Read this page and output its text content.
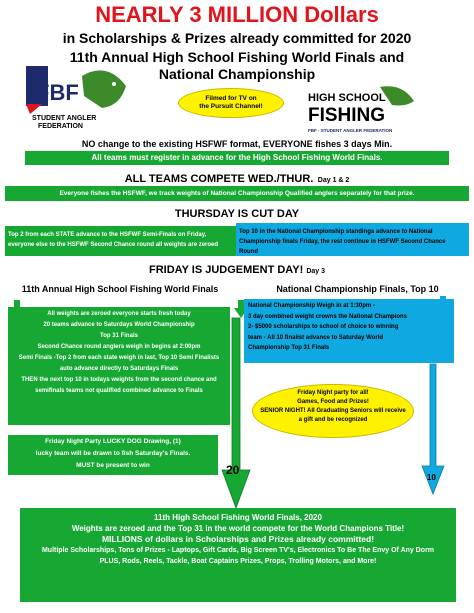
NEARLY 3 MILLION Dollars
in Scholarships & Prizes already committed for 2020
11th Annual High School Fishing World Finals and
National Championship
FBF
STUDENT ANGLER
FEDERATION
Filmed for TV on
the Pursuit Channel!
HIGH SCHOOL
FISHING
FBF · STUDENT ANGLER FEDERATION
NO change to the existing HSFWF format, EVERYONE fishes 3 days Min.
All teams must register in advance for the High School Fishing World Finals.
ALL TEAMS COMPETE WED./THUR. Day 1 & 2
Everyone fishes the HSFWF, we track weights of National Championship Qualified anglers separately for that prize.
THURSDAY IS CUT DAY
Top 2 from each STATE advance to the HSFWF Semi-Finals on Friday,
everyone else to the HSFWF Second Chance round all weights are zeroed
Top 10 in the National Championship standings advance to National
Championship finals Friday, the rest continue in HSFWF Second Chance Round
FRIDAY IS JUDGEMENT DAY! Day 3
11th Annual High School Fishing World Finals	National Championship Finals, Top 10
20
10
All weights are zeroed everyone starts fresh today
20 teams advance to Saturdays World Championship
Top 31 Finals
Second Chance round anglers weigh in begins at 2:00pm
Semi Finals -Top 2 from each state weigh in last, Top 10 Semi Finalists
auto advance directly to Saturdays Finals
THEN the next top 10 in todays weights from the second chance and
semifinals teams not qualified combined advance to Finals
National Championship Weigh in at 1:30pm -
3 day combined weight crowns the National Champions
2- $5000 scholarships to school of choice to winning
team - All 10 finalist advance to Saturday World
Championship Top 31 Finals
Friday Night party for all!
Games, Food and Prizes!
SENIOR NIGHT! All Graduating Seniors will receive
a gift and be recognized
Friday Night Party LUCKY DOG Drawing, (1)
lucky team will be drawn to fish Saturday's Finals.
MUST be present to win
11th High School Fishing World Finals, 2020
Weights are zeroed and the Top 31 in the world compete for the World Champions Title!
MILLIONS of dollars in Scholarships and Prizes already committed!
Multiple Scholarships, Tons of Prizes - Laptops, Gift Cards, Big Screen TV's, Electronics To Be The Envy Of Any Dorm
PLUS, Rods, Reels, Tackle, Boat Captains Prizes, Props, Trolling Motors, and More!
